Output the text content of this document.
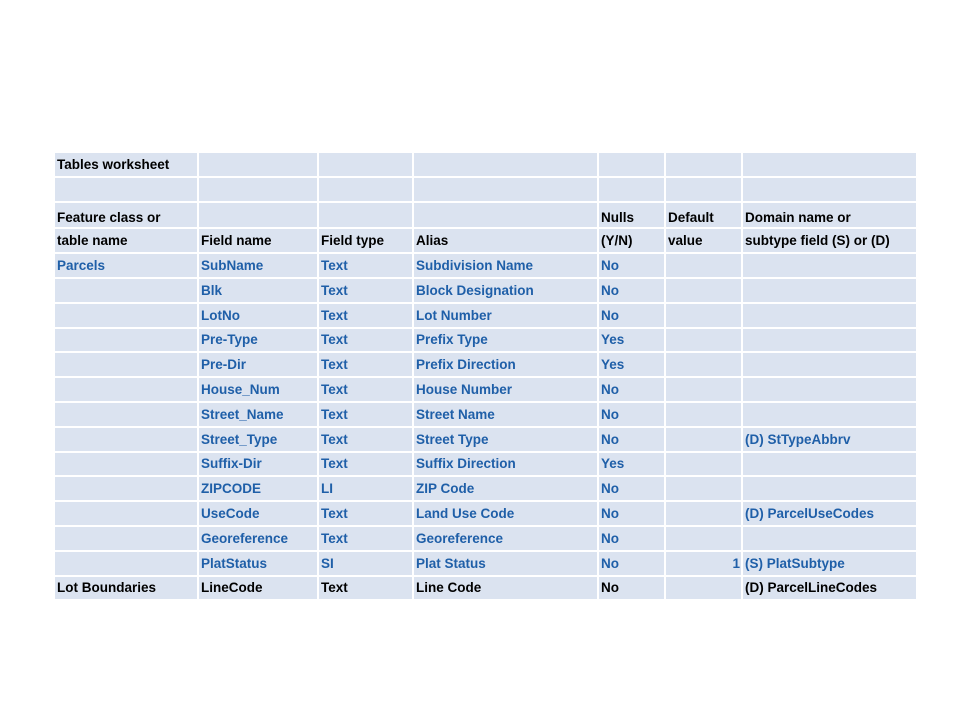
Tables worksheet						

Feature class or				Nulls	Default	Domain name or
table name	Field name	Field type	Alias	(Y/N)	value	subtype field (S) or (D)
Parcels	SubName	Text	Subdivision Name	No		
	Blk	Text	Block Designation	No		
	LotNo	Text	Lot Number	No		
	Pre-Type	Text	Prefix Type	Yes		
	Pre-Dir	Text	Prefix Direction	Yes		
	House_Num	Text	House Number	No		
	Street_Name	Text	Street Name	No		
	Street_Type	Text	Street Type	No		(D) StTypeAbbrv
	Suffix-Dir	Text	Suffix Direction	Yes		
	ZIPCODE	LI	ZIP Code	No		
	UseCode	Text	Land Use Code	No		(D) ParcelUseCodes
	Georeference	Text	Georeference	No		
	PlatStatus	SI	Plat Status	No	1	(S) PlatSubtype
Lot Boundaries	LineCode	Text	Line Code	No		(D) ParcelLineCodes
